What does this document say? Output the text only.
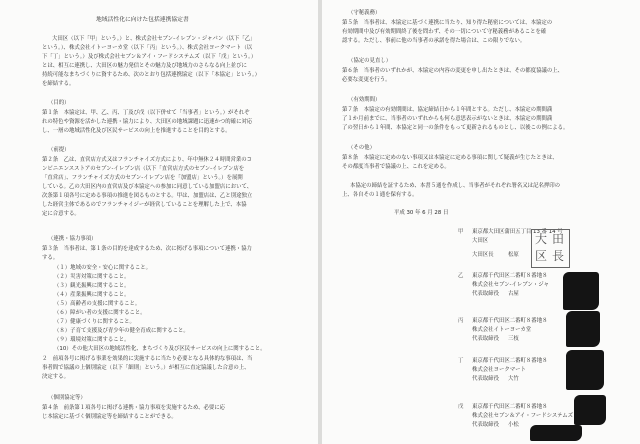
地域活性化に向けた包括連携協定書
大田区（以下「甲」という。）と、株式会社セブン‐イレブン・ジャパン（以下「乙」
という。）、株式会社イトーヨーカ堂（以下「丙」という。）、株式会社ヨークマート（以
下「丁」という。）及び株式会社セブン＆アイ・フードシステムズ（以下「戊」という。）
とは、相互に連携し、大田区の魅力発信とその魅力及び地域力のさらなる向上並びに
持続可能なまちづくりに資するため、次のとおり包括連携協定（以下「本協定」という。）
を締結する。
（目的）
第１条　本協定は、甲、乙、丙、丁及び戊（以下併せて「当事者」という。）がそれぞ
れの特色や資源を活かした連携・協力により、大田区の地域課題に迅速かつ的確に対応
し、一層の地域活性化及び区民サービスの向上を推進することを目的とする。
（前提）
第２条　乙は、直営店方式又はフランチャイズ方式により、年中無休２４時間営業のコ
ンビニエンスストアのセブン‐イレブン店（以下「直営店方式のセブン‐イレブン店を
「直営店」、フランチャイズ方式のセブン‐イレブン店を「加盟店」という。）を展開
している。乙の大田区内の直営店及び本協定への参加に同意している加盟店において、
次条第１項各号に定める事項の推進を図るものとする。甲は、加盟店は、乙と別途独立
した経営主体であるのでフランチャイジーが経営していることを理解した上で、本協
定に合意する。
（連携・協力事項）
第３条　当事者は、第１条の目的を達成するため、次に掲げる事項について連携・協力
する。
（１）地域の安全・安心に関すること。
（２）災害対策に関すること。
（３）観光振興に関すること。
（４）産業振興に関すること。
（５）高齢者の支援に関すること。
（６）障がい者の支援に関すること。
（７）健康づくりに関すること。
（８）子育て支援及び青少年の健全育成に関すること。
（９）環境対策に関すること。
（10）その他大田区の地域活性化、まちづくり及び区民サービスの向上に関すること。
２　前項各号に掲げる事業を効果的に実施するに当たり必要となる具体的な事項は、当
事者間で協議の上個別協定（以下「細則」という。）が相互に直定協議した合意の上、
決定する。
（個別協定等）
第４条　前条第１項各号に掲げる連携・協力事項を実施するため、必要に応
じ本協定に基づく個別協定等を締結することができる。
（守秘義務）
第５条　当事者は、本協定に基づく連携に当たり、知り得た秘密については、本協定の
有効期間中及び有効期間終了後を問わず、その一切について守秘義務があることを確
認する。ただし、事前に他の当事者の承諾を得た場合は、この限りでない。
（協定の見直し）
第６条　当事者のいずれかが、本協定の内容の変更を申し出たときは、その都度協議の上、
必要な変更を行う。
（有効期間）
第７条　本協定の有効期間は、協定締結日から１年間とする。ただし、本協定の期間満
了１か月前までに、当事者のいずれからも何ら意思表示がないときは、本協定の期間満
了の翌日から１年間、本協定と同一の条件をもって更新されるものとし、以後この例による。
（その他）
第８条　本協定に定めのない事項又は本協定に定める事項に関して疑義が生じたときは、
その都度当事者で協議の上、これを定める。
本協定の締結を証するため、本書５通を作成し、当事者がそれぞれ署名又は記名押印の
上、各自その１通を保有する。
平成 30 年 6 月 28 日
甲 東京都大田区蒲田五丁目 13 番 14 号
大田区
大田区長	松原
乙 東京都千代田区二番町８番地８
株式会社セブン‐イレブン・ジャ
代表取締役 古屋
丙 東京都千代田区二番町８番地８
株式会社イトーヨーカ堂
代表取締役 三枝
丁 東京都千代田区二番町８番地８
株式会社ヨークマート
代表取締役 大竹
戊 東京都千代田区二番町８番地８
株式会社セブン＆アイ・フードシステムズ
代表取締役 小松
大 田
区 長
